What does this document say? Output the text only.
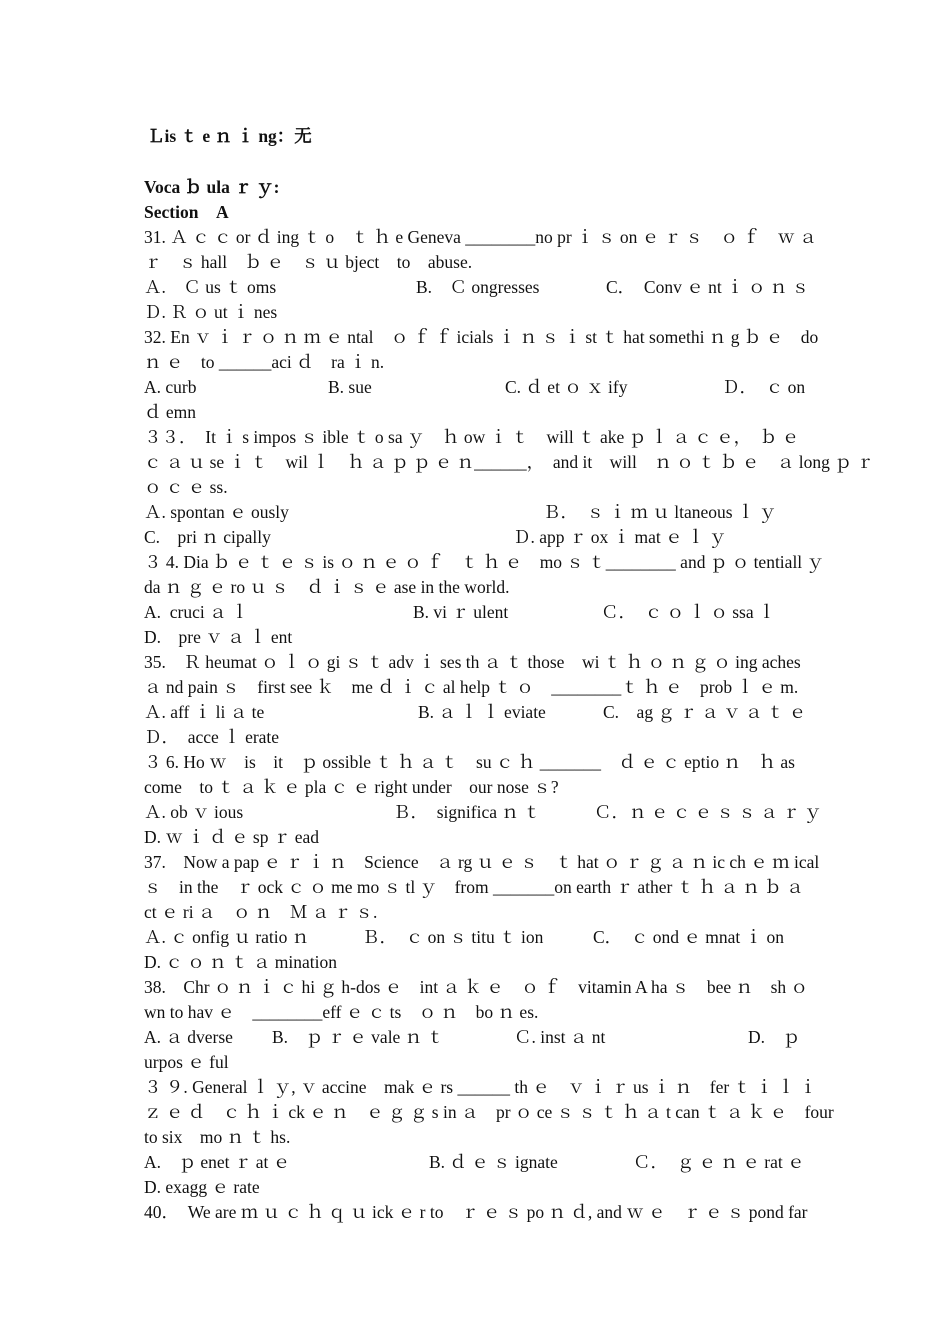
Ｌis ｔ e ｎ ｉ ng：无
Voca ｂ ula ｒ ｙ:
Section　A
31. Ａ ｃ ｃ or ｄ ing ｔ o　ｔ ｈ e Geneva ________no pr ｉ ｓ on ｅ ｒ ｓ　ｏ ｆ　ｗ ａ
ｒ　ｓ hall　ｂ ｅ　ｓ ｕ bject　to　abuse.
Ａ.　Ｃ us ｔ oms	B.　Ｃ ongresses	C．  Conv ｅ nt ｉ ｏ ｎ ｓ
Ｄ. Ｒ ｏ ut ｉ nes
32. En ｖ ｉ ｒ ｏ ｎ ｍ ｅ ntal　ｏ ｆ ｆ icials ｉ ｎ ｓ ｉ st ｔ hat somethi ｎ g ｂ ｅ　do
ｎ ｅ　to ______aci ｄ　ra ｉ n.
A. curb	B. sue	C. ｄ et ｏ ｘ ify	Ｄ．　ｃ on
ｄ emn
３３．  It ｉ s impos ｓ ible ｔ o sa ｙ　ｈ ow ｉ ｔ　will ｔ ake ｐ ｌ ａ ｃ ｅ，　ｂ ｅ
ｃ ａ ｕ se ｉ ｔ　wil ｌ　ｈ ａ ｐ ｐ ｅ ｎ______，　and it　will　ｎ ｏ ｔ ｂ ｅ　ａ long ｐ ｒ
ｏ ｃ ｅ ss.
Ａ. spontan ｅ ously	Ｂ．  ｓ ｉ ｍ ｕ ltaneous ｌ ｙ
C.　pri ｎ cipally	Ｄ. app ｒ ox ｉ mat ｅ ｌ ｙ
３ 4. Dia ｂ ｅ ｔ ｅ ｓ is ｏ ｎ ｅ ｏ ｆ　ｔ ｈ ｅ　mo ｓ ｔ________ and ｐ ｏ tentiall ｙ
da ｎ ｇ ｅ ro ｕ ｓ　ｄ ｉ ｓ ｅ ase in the world.
A.  cruci ａ ｌ	B. vi ｒ ulent	Ｃ．　ｃ ｏ ｌ ｏ ssa ｌ
D.　pre ｖ ａ ｌ ent
35.　Ｒ heumat ｏ ｌ ｏ gi ｓ ｔ adv ｉ ses th ａ ｔ those　wi ｔ ｈ ｏ ｎ ｇ ｏ ing aches
ａ nd pain ｓ　first see ｋ　me ｄ ｉ ｃ al help ｔ ｏ　________ｔ ｈ ｅ　prob ｌ ｅ m.
Ａ. aff ｉ li ａ te	B. ａ ｌ ｌ eviate	C.　ag ｇ ｒ ａ ｖ ａ ｔ ｅ
Ｄ．　acce ｌ erate
３ 6. Ho ｗ　is　it　ｐ ossible ｔ ｈ ａ ｔ　su ｃ ｈ _______　ｄ ｅ ｃ eptio ｎ　ｈ as
come　to ｔ ａ ｋ ｅ pla ｃ ｅ right under　our nose ｓ?
Ａ. ob ｖ ious	Ｂ．  significa ｎ ｔ	Ｃ．ｎ ｅ ｃ ｅ ｓ ｓ ａ ｒ ｙ
D. ｗ ｉ ｄ ｅ sp ｒ ead
37.　Now a pap ｅ ｒ ｉ ｎ　Science　ａ rg ｕ ｅ ｓ　ｔ hat ｏ ｒ ｇ ａ ｎ ic ch ｅ ｍ ical
ｓ　in the　ｒ ock ｃ ｏ me mo ｓ tl ｙ　from _______on earth ｒ ather ｔ ｈ ａ ｎ ｂ ａ
ct ｅ ri ａ　ｏ ｎ　Ｍ ａ ｒ ｓ.
Ａ. ｃ onfig ｕ ratio ｎ	Ｂ．  ｃ on ｓ titu ｔ ion	C．  ｃ ond ｅ mnat ｉ on
D. ｃ ｏ ｎ ｔ ａ mination
38.　Chr ｏ ｎ ｉ ｃ hi ｇ h-dos ｅ　int ａ ｋ ｅ　ｏ ｆ　vitamin A ha ｓ　bee ｎ　sh ｏ
wn to hav ｅ　________eff ｅ ｃ ts　ｏ ｎ　bo ｎ es.
A. ａ dverse B.　ｐ ｒ ｅ vale ｎ ｔ	Ｃ. inst ａ nt	D.　ｐ
urpos ｅ ful
３ ９. General ｌ ｙ, ｖ accine　mak ｅ rs ______ th ｅ　ｖ ｉ ｒ us ｉ ｎ　fer ｔ ｉ ｌ ｉ
ｚ ｅ ｄ　ｃ ｈ ｉ ck ｅ ｎ　ｅ ｇ ｇ s in ａ　pr ｏ ce ｓ ｓ ｔ ｈ ａ t can ｔ ａ ｋ ｅ　four
to six　mo ｎ ｔ hs.
A.　ｐ enet ｒ at ｅ	B. ｄ ｅ ｓ ignate	Ｃ．　ｇ ｅ ｎ ｅ rat ｅ
D. exagg ｅ rate
40．　We are ｍ ｕ ｃ ｈ ｑ ｕ ick ｅ r to　ｒ ｅ ｓ po ｎ ｄ, and ｗ ｅ　ｒ ｅ ｓ pond far
